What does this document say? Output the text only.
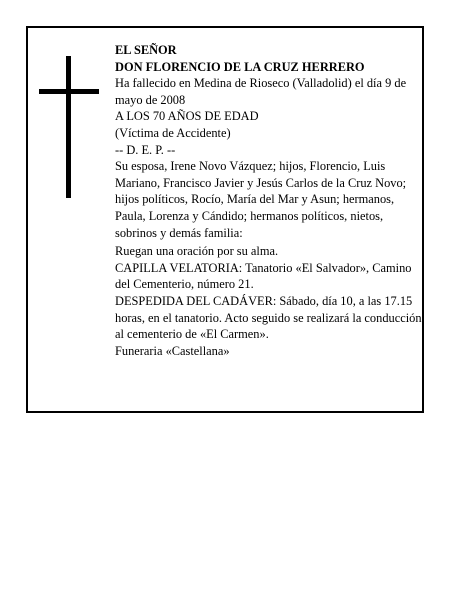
EL SEÑOR

DON FLORENCIO DE LA CRUZ HERRERO

Ha fallecido en Medina de Rioseco (Valladolid) el día 9 de mayo de 2008

A LOS 70 AÑOS DE EDAD

(Víctima de Accidente)

-- D. E. P. --

Su esposa, Irene Novo Vázquez; hijos, Florencio, Luis Mariano, Francisco Javier y Jesús Carlos de la Cruz Novo; hijos políticos, Rocío, María del Mar y Asun; hermanos, Paula, Lorenza y Cándido; hermanos políticos, nietos, sobrinos y demás familia:

Ruegan una oración por su alma.

CAPILLA VELATORIA: Tanatorio «El Salvador», Camino del Cementerio, número 21.

DESPEDIDA DEL CADÁVER: Sábado, día 10, a las 17.15 horas, en el tanatorio. Acto seguido se realizará la conducción al cementerio de «El Carmen».

Funeraria «Castellana»
